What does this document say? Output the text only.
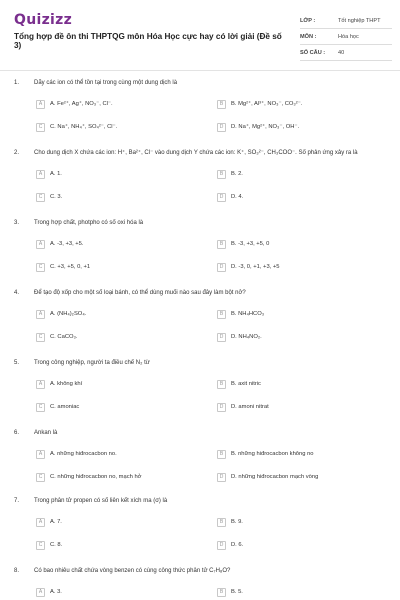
Quizizz
Tổng hợp đề ôn thi THPTQG môn Hóa Học cực hay có lời giải (Đề số 3)
LỚP :	Tốt nghiệp THPT
MÔN :	Hóa học
SỐ CÂU :	40
1. Dãy các ion có thể tồn tại trong cùng một dung dịch là
A	A. Fe²⁺, Ag⁺, NO₃⁻, Cl⁻.	B	B. Mg²⁺, Al³⁺, NO₃⁻, CO₃²⁻.
C	C. Na⁺, NH₄⁺, SO₄²⁻, Cl⁻.	D	D. Na⁺, Mg²⁺, NO₃⁻, OH⁻.
2. Cho dung dịch X chứa các ion: H⁺, Ba²⁺, Cl⁻ vào dung dịch Y chứa các ion: K⁺, SO₃²⁻, CH₃COO⁻. Số phản ứng xảy ra là
A	A. 1.	B	B. 2.
C	C. 3.	D	D. 4.
3. Trong hợp chất, photpho có số oxi hóa là
A	A. -3, +3, +5.	B	B. -3, +3, +5, 0
C	C. +3, +5, 0, +1	D	D. -3, 0, +1, +3, +5
4. Để tạo độ xốp cho một số loại bánh, có thể dùng muối nào sau đây làm bột nở?
A	A. (NH₄)₂SO₄.	B	B. NH₄HCO₃
C	C. CaCO₃.	D	D. NH₄NO₂.
5. Trong công nghiệp, người ta điều chế N₂ từ
A	A. không khí	B	B. axit nitric
C	C. amoniac	D	D. amoni nitrat
6. Ankan là
A	A. những hiđrocacbon no.	B	B. những hiđrocacbon không no
C	C. những hiđrocacbon no, mạch hở	D	D. những hiđrocacbon mạch vòng
7. Trong phân tử propen có số liên kết xích ma (σ) là
A	A. 7.	B	B. 9.
C	C. 8.	D	D. 6.
8. Có bao nhiêu chất chứa vòng benzen có cùng công thức phân tử C₇H₈O?
A	A. 3.	B	B. 5.
